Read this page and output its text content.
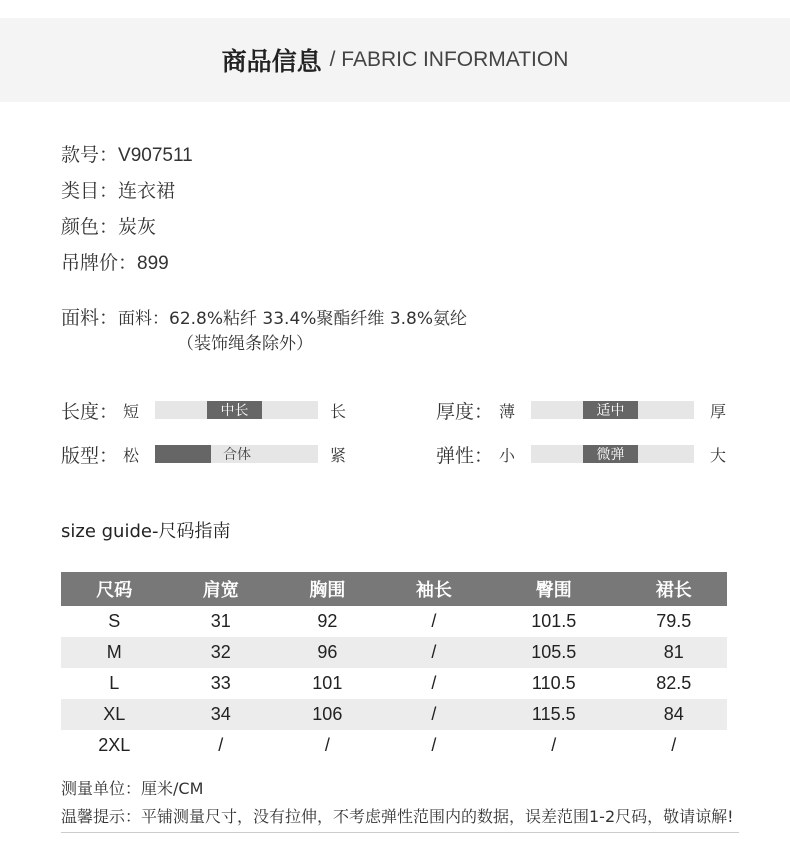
商品信息 / FABRIC INFORMATION
款号：V907511
类目：连衣裙
颜色：炭灰
吊牌价：899
面料：面料：62.8%粘纤 33.4%聚酯纤维 3.8%氨纶
（装饰绳条除外）
长度： 短	中长	长	厚度： 薄	适中	厚
版型： 松	合体	紧	弹性： 小	微弹	大
size guide-尺码指南
尺码	肩宽	胸围	袖长	臀围	裙长
S	31	92	/	101.5	79.5
M	32	96	/	105.5	81
L	33	101	/	110.5	82.5
XL	34	106	/	115.5	84
2XL	/	/	/	/	/
测量单位：厘米/CM
温馨提示：平铺测量尺寸，没有拉伸，不考虑弹性范围内的数据，误差范围1-2尺码，敬请谅解!
